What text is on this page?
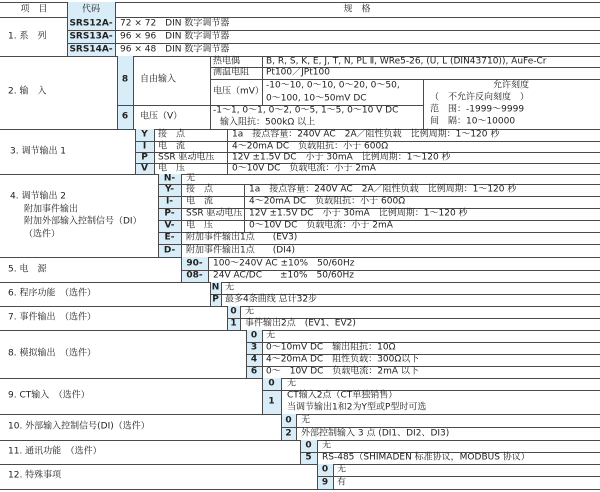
项　目	代码	规　格
1. 系　列
SRS12A- 72 × 72　DIN 数字调节器
SRS13A- 96 × 96　DIN 数字调节器
SRS14A- 96 × 48　DIN 数字调节器
2. 输　入
8 自由输入
热电偶	B, R, S, K, E, J, T, N, PL Ⅱ, WRe5-26, (U, L (DIN43710)), AuFe-Cr
测温电阻 Pt100／JPt100
电压（mV）
-10～10, 0～10, 0～20, 0～50,
0～100, 10～50mV DC
6 电压（V）
-1～1, 0～1, 0～2, 0～5, 1～5, 0～10 V DC
输入阻抗：500kΩ 以上
允许刻度
（　不允许反向刻度　）
范　围：-1999～9999
间　隔：10～10000
3. 调节输出 1
Y 接　点	1a　接点容量：240V AC　2A／阻性负载　比例周期：1～120 秒
I 电　流	4～20mA DC　负载阻抗：小于 600Ω
P SSR 驱动电压 12V ±1.5V DC　小于 30mA　比例周期：1～120 秒
V 电　压	0～10V DC　负载电流：小于 2mA
4. 调节输出 2
附加事件输出
附加外部输入控制信号（DI）
（选件）
N- 无
Y- 接　点	1a　接点容量：240V AC　2A／阻性负载　比例周期：1～120 秒
I- 电　流	4～20mA DC　负载阻抗：小于 600Ω
P- SSR 驱动电压 12V ±1.5V DC　小于 30mA　比例周期：1～120 秒
V- 电　压	0～10V DC　负载电流：小于 2mA
E- 附加事件输出1点　　(EV3)
D- 附加事件输出1点　　(DI4)
5. 电　源
90- 100～240V AC ±10%　50/60Hz
08- 24V AC/DC　　±10%　50/60Hz
6. 程序功能　（选件）
N 无
P 最多4条曲线 总计32步
7. 事件输出　（选件）
0 无
1 事件输出2点　(EV1、EV2)
8. 模拟输出　（选件）
0 无
3 0～10mV DC　输出阻抗：10Ω
4 4～20mA DC　阻性负载：300Ω以下
6 0～　10V DC　负载电流：2mA 以下
9. CT输入　（选件）
0 无
1
CT输入2点（CT单独销售）
当调节输出1和2为Y型或P型时可选
10. 外部输入控制信号(DI)（选件）
0 无
2 外部控制输入 3 点 (DI1、DI2、DI3)
11. 通讯功能　（选件）
0 无
5 RS-485（SHIMADEN 标准协议，MODBUS 协议）
12. 特殊事项
0 无
9 有
